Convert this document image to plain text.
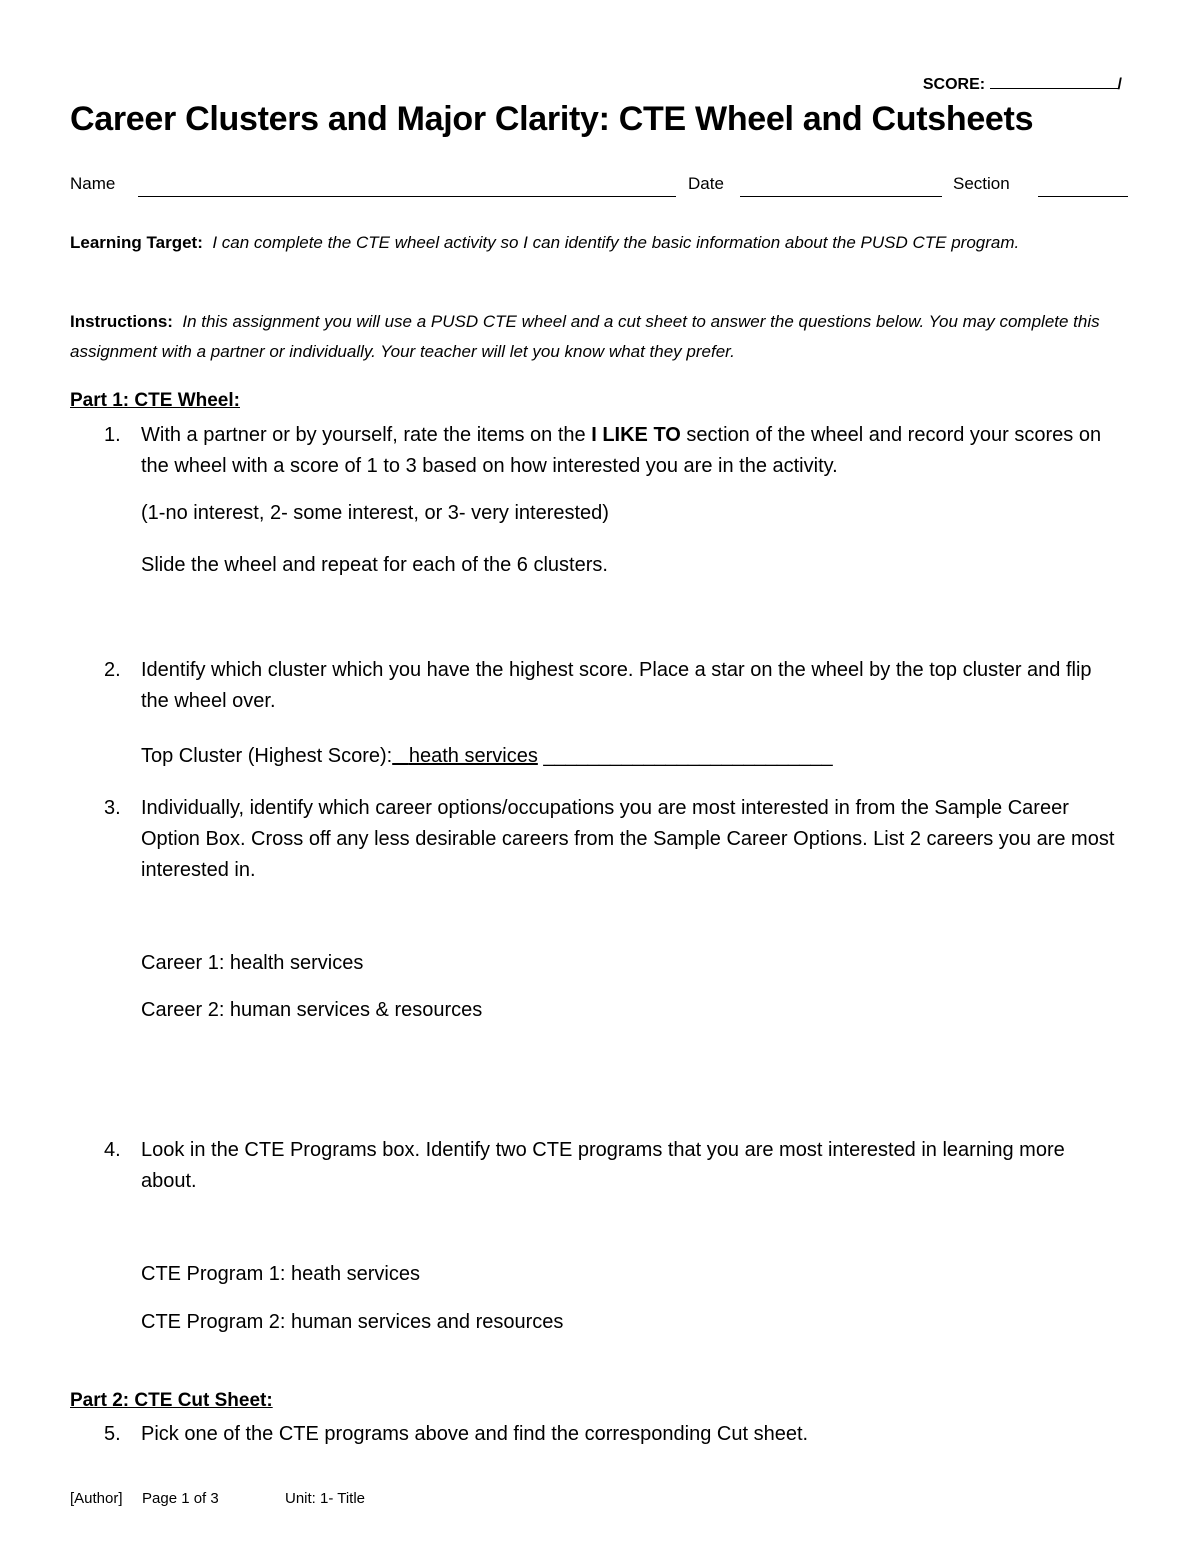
SCORE:	/
Career Clusters and Major Clarity: CTE Wheel and Cutsheets
Name	Date	Section
Learning Target: I can complete the CTE wheel activity so I can identify the basic information about the PUSD CTE program.
Instructions: In this assignment you will use a PUSD CTE wheel and a cut sheet to answer the questions below. You may complete this assignment with a partner or individually. Your teacher will let you know what they prefer.
Part 1: CTE Wheel:
1. With a partner or by yourself, rate the items on the I LIKE TO section of the wheel and record your scores on the wheel with a score of 1 to 3 based on how interested you are in the activity.
(1-no interest, 2- some interest, or 3- very interested)
Slide the wheel and repeat for each of the 6 clusters.
2. Identify which cluster which you have the highest score. Place a star on the wheel by the top cluster and flip the wheel over.
Top Cluster (Highest Score): heath services __________________________
3. Individually, identify which career options/occupations you are most interested in from the Sample Career Option Box. Cross off any less desirable careers from the Sample Career Options. List 2 careers you are most interested in.
Career 1: health services
Career 2: human services & resources
4. Look in the CTE Programs box. Identify two CTE programs that you are most interested in learning more about.
CTE Program 1: heath services
CTE Program 2: human services and resources
Part 2: CTE Cut Sheet:
5. Pick one of the CTE programs above and find the corresponding Cut sheet.
[Author] Page 1 of 3	Unit: 1- Title
